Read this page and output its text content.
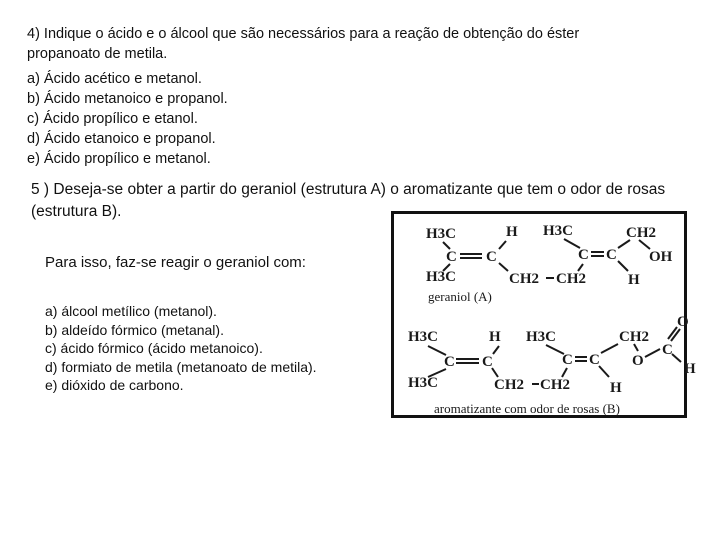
4) Indique o ácido e o álcool que são necessários para a reação de obtenção do éster propanoato de metila.
a) Ácido acético e metanol.
b) Ácido metanoico e propanol.
c) Ácido propílico e etanol.
d) Ácido etanoico e propanol.
e) Ácido propílico e metanol.
5 ) Deseja-se obter a partir do geraniol (estrutura A) o aromatizante que tem o odor de rosas (estrutura B).
Para isso, faz-se reagir o geraniol com:
a) álcool metílico (metanol).
b) aldeído fórmico (metanal).
c) ácido fórmico (ácido metanoico).
d) formiato de metila (metanoato de metila).
e) dióxido de carbono.
H3C	H H3C	CH2
C C
H3C	CH2 CH2
C C OH
H
geraniol (A)
O
H3C	H H3C	CH2
C C
H3C	CH2 CH2
C C O
C
H
H
aromatizante com odor de rosas (B)
